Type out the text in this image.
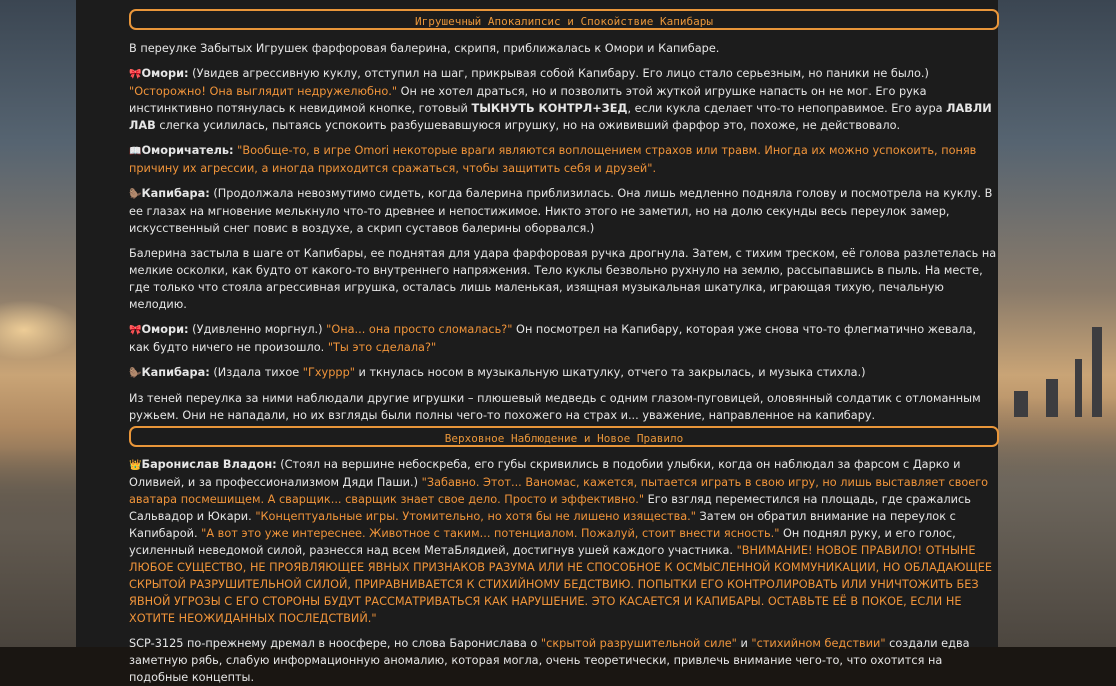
Игрушечный Апокалипсис и Спокойствие Капибары

В переулке Забытых Игрушек фарфоровая балерина, скрипя, приближалась к Омори и Капибаре.

🎀Омори: (Увидев агрессивную куклу, отступил на шаг, прикрывая собой Капибару. Его лицо стало серьезным, но паники не было.) "Осторожно! Она выглядит недружелюбно." Он не хотел драться, но и позволить этой жуткой игрушке напасть он не мог. Его рука инстинктивно потянулась к невидимой кнопке, готовый ТЫКНУТЬ КОНТРЛ+ЗЕД, если кукла сделает что-то непоправимое. Его аура ЛАВЛИ ЛАВ слегка усилилась, пытаясь успокоить разбушевавшуюся игрушку, но на ожививший фарфор это, похоже, не действовало.

📖Оморичатель: "Вообще-то, в игре Omori некоторые враги являются воплощением страхов или травм. Иногда их можно успокоить, поняв причину их агрессии, а иногда приходится сражаться, чтобы защитить себя и друзей".

🦫Капибара: (Продолжала невозмутимо сидеть, когда балерина приблизилась. Она лишь медленно подняла голову и посмотрела на куклу. В ее глазах на мгновение мелькнуло что-то древнее и непостижимое. Никто этого не заметил, но на долю секунды весь переулок замер, искусственный снег повис в воздухе, а скрип суставов балерины оборвался.)

Балерина застыла в шаге от Капибары, ее поднятая для удара фарфоровая ручка дрогнула. Затем, с тихим треском, её голова разлетелась на мелкие осколки, как будто от какого-то внутреннего напряжения. Тело куклы безвольно рухнуло на землю, рассыпавшись в пыль. На месте, где только что стояла агрессивная игрушка, осталась лишь маленькая, изящная музыкальная шкатулка, играющая тихую, печальную мелодию.

🎀Омори: (Удивленно моргнул.) "Она... она просто сломалась?" Он посмотрел на Капибару, которая уже снова что-то флегматично жевала, как будто ничего не произошло. "Ты это сделала?"

🦫Капибара: (Издала тихое "Гхуррр" и ткнулась носом в музыкальную шкатулку, отчего та закрылась, и музыка стихла.)

Из теней переулка за ними наблюдали другие игрушки – плюшевый медведь с одним глазом-пуговицей, оловянный солдатик с отломанным ружьем. Они не нападали, но их взгляды были полны чего-то похожего на страх и... уважение, направленное на капибару.

Верховное Наблюдение и Новое Правило

👑Баронислав Владон: (Стоял на вершине небоскреба, его губы скривились в подобии улыбки, когда он наблюдал за фарсом с Дарко и Оливией, и за профессионализмом Дяди Паши.) "Забавно. Этот... Ваномас, кажется, пытается играть в свою игру, но лишь выставляет своего аватара посмешищем. А сварщик... сварщик знает свое дело. Просто и эффективно." Его взгляд переместился на площадь, где сражались Сальвадор и Юкари. "Концептуальные игры. Утомительно, но хотя бы не лишено изящества." Затем он обратил внимание на переулок с Капибарой. "А вот это уже интереснее. Животное с таким... потенциалом. Пожалуй, стоит внести ясность." Он поднял руку, и его голос, усиленный неведомой силой, разнесся над всем МетаБлядией, достигнув ушей каждого участника. "ВНИМАНИЕ! НОВОЕ ПРАВИЛО! ОТНЫНЕ ЛЮБОЕ СУЩЕСТВО, НЕ ПРОЯВЛЯЮЩЕЕ ЯВНЫХ ПРИЗНАКОВ РАЗУМА ИЛИ НЕ СПОСОБНОЕ К ОСМЫСЛЕННОЙ КОММУНИКАЦИИ, НО ОБЛАДАЮЩЕЕ СКРЫТОЙ РАЗРУШИТЕЛЬНОЙ СИЛОЙ, ПРИРАВНИВАЕТСЯ К СТИХИЙНОМУ БЕДСТВИЮ. ПОПЫТКИ ЕГО КОНТРОЛИРОВАТЬ ИЛИ УНИЧТОЖИТЬ БЕЗ ЯВНОЙ УГРОЗЫ С ЕГО СТОРОНЫ БУДУТ РАССМАТРИВАТЬСЯ КАК НАРУШЕНИЕ. ЭТО КАСАЕТСЯ И КАПИБАРЫ. ОСТАВЬТЕ ЕЁ В ПОКОЕ, ЕСЛИ НЕ ХОТИТЕ НЕОЖИДАННЫХ ПОСЛЕДСТВИЙ."

SCP-3125 по-прежнему дремал в ноосфере, но слова Баронислава о "скрытой разрушительной силе" и "стихийном бедствии" создали едва заметную рябь, слабую информационную аномалию, которая могла, очень теоретически, привлечь внимание чего-то, что охотится на подобные концепты.
